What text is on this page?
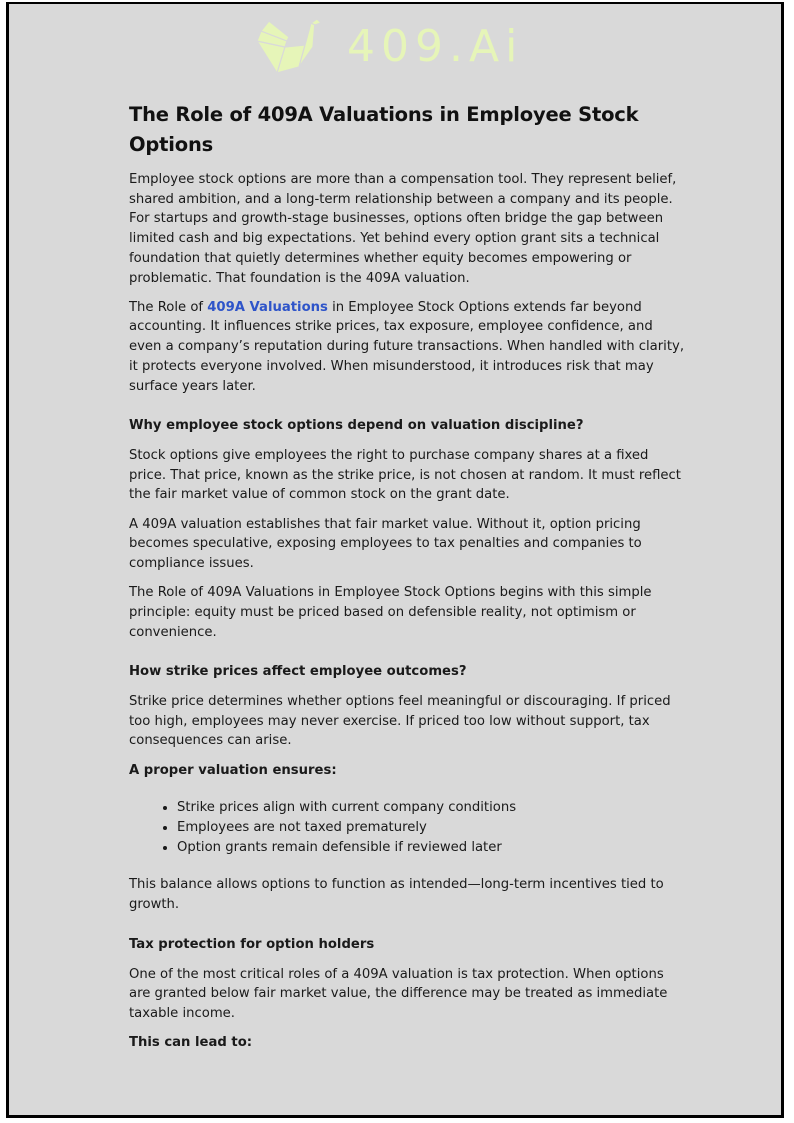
409.Ai
The Role of 409A Valuations in Employee Stock Options

Employee stock options are more than a compensation tool. They represent belief, shared ambition, and a long-term relationship between a company and its people. For startups and growth-stage businesses, options often bridge the gap between limited cash and big expectations. Yet behind every option grant sits a technical foundation that quietly determines whether equity becomes empowering or problematic. That foundation is the 409A valuation.

The Role of 409A Valuations in Employee Stock Options extends far beyond accounting. It influences strike prices, tax exposure, employee confidence, and even a company’s reputation during future transactions. When handled with clarity, it protects everyone involved. When misunderstood, it introduces risk that may surface years later.

Why employee stock options depend on valuation discipline?

Stock options give employees the right to purchase company shares at a fixed price. That price, known as the strike price, is not chosen at random. It must reflect the fair market value of common stock on the grant date.

A 409A valuation establishes that fair market value. Without it, option pricing becomes speculative, exposing employees to tax penalties and companies to compliance issues.

The Role of 409A Valuations in Employee Stock Options begins with this simple principle: equity must be priced based on defensible reality, not optimism or convenience.

How strike prices affect employee outcomes?

Strike price determines whether options feel meaningful or discouraging. If priced too high, employees may never exercise. If priced too low without support, tax consequences can arise.

A proper valuation ensures:

• Strike prices align with current company conditions
• Employees are not taxed prematurely
• Option grants remain defensible if reviewed later

This balance allows options to function as intended—long-term incentives tied to growth.

Tax protection for option holders

One of the most critical roles of a 409A valuation is tax protection. When options are granted below fair market value, the difference may be treated as immediate taxable income.

This can lead to:
